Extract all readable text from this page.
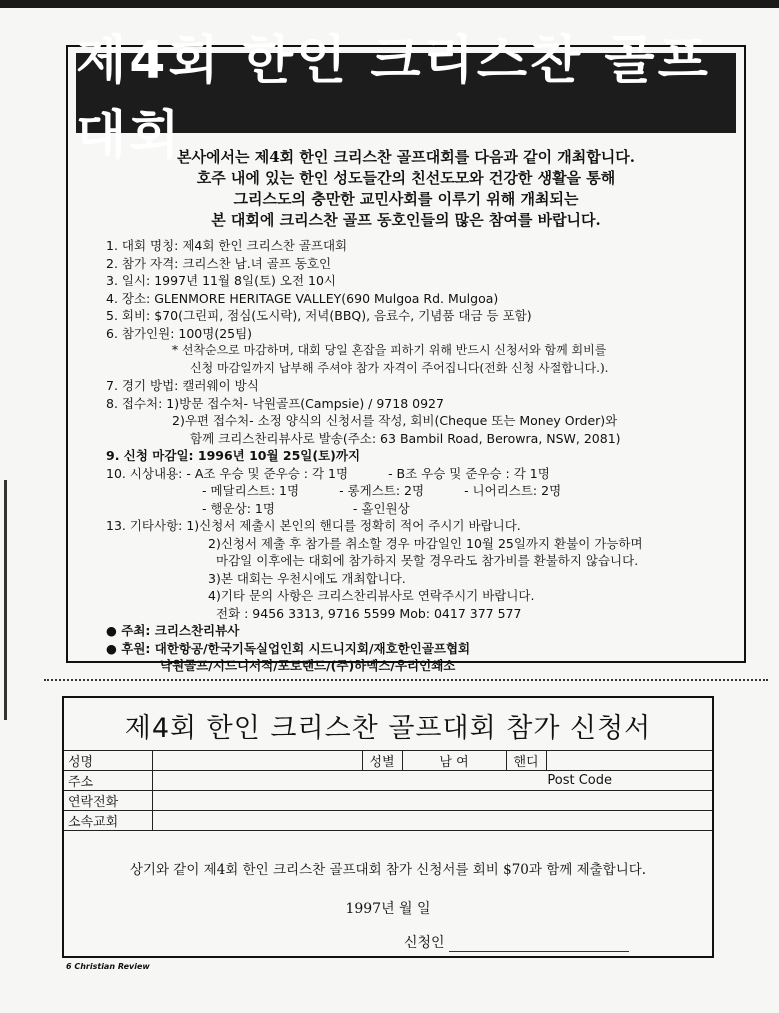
제4회 한인 크리스찬 골프대회
본사에서는 제4회 한인 크리스찬 골프대회를 다음과 같이 개최합니다.
호주 내에 있는 한인 성도들간의 친선도모와 건강한 생활을 통해
그리스도의 충만한 교민사회를 이루기 위해 개최되는
본 대회에 크리스찬 골프 동호인들의 많은 참여를 바랍니다.
1. 대회 명칭: 제4회 한인 크리스찬 골프대회
2. 참가 자격: 크리스찬 남.녀 골프 동호인
3. 일시: 1997년 11월 8일(토) 오전 10시
4. 장소: GLENMORE HERITAGE VALLEY(690 Mulgoa Rd. Mulgoa)
5. 회비: $70(그린피, 점심(도시락), 저녁(BBQ), 음료수, 기념품 대금 등 포함)
6. 참가인원: 100명(25팀)
* 선착순으로 마감하며, 대회 당일 혼잡을 피하기 위해 반드시 신청서와 함께 회비를
신청 마감일까지 납부해 주셔야 참가 자격이 주어집니다(전화 신청 사절합니다.).
7. 경기 방법: 캘러웨이 방식
8. 접수처: 1)방문 접수처- 낙원골프(Campsie) / 9718 0927
2)우편 접수처- 소정 양식의 신청서를 작성, 회비(Cheque 또는 Money Order)와
함께 크리스찬리뷰사로 발송(주소: 63 Bambil Road, Berowra, NSW, 2081)
9. 신청 마감일: 1996년 10월 25일(토)까지
10. 시상내용: - A조 우승 및 준우승 : 각 1명	- B조 우승 및 준우승 : 각 1명
- 메달리스트: 1명	- 롱게스트: 2명	- 니어리스트: 2명
- 행운상: 1명	- 홀인원상
13. 기타사항: 1)신청서 제출시 본인의 핸디를 정확히 적어 주시기 바랍니다.
2)신청서 제출 후 참가를 취소할 경우 마감일인 10월 25일까지 환불이 가능하며
마감일 이후에는 대회에 참가하지 못할 경우라도 참가비를 환불하지 않습니다.
3)본 대회는 우천시에도 개최합니다.
4)기타 문의 사항은 크리스찬리뷰사로 연락주시기 바랍니다.
전화 : 9456 3313, 9716 5599 Mob: 0417 377 577
● 주최: 크리스찬리뷰사
● 후원: 대한항공/한국기독실업인회 시드니지회/재호한인골프협회
낙원골프/시드니서적/포토랜드/(주)하멕스/우리인쇄소
제4회 한인 크리스찬 골프대회 참가 신청서
성명		성별	남 여	핸디	
주소	Post Code				
연락전화					
소속교회					
상기와 같이 제4회 한인 크리스찬 골프대회 참가 신청서를 회비 $70과 함께 제출합니다.
1997년 월 일
신청인
6 Christian Review
